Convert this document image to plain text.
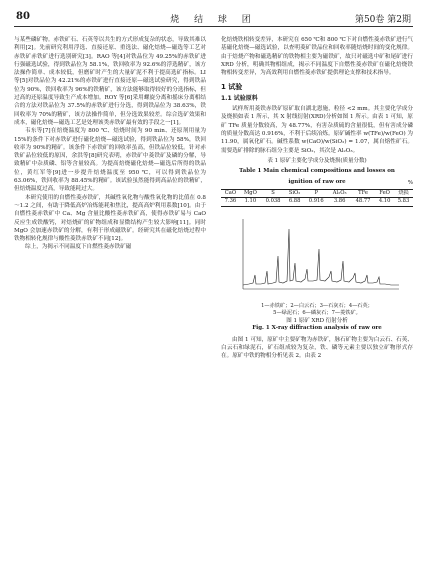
80	烧 结 球 团	第50卷 第2期

与某些磷矿物。赤铁矿石、石英等以共生的方式形成复杂的状态，导致其难以利用[2]。先前研究利用浮选、直接还原、重选法、磁化焙烧—磁选等工艺对赤铁矿赤铁矿进行选别研究[3]。RAO 等[4]对铁品位为 49.25%的赤铁矿进行强磁选试验，得到铁品位为 58.1%，铁回收率为 92.6%的浮选精矿，该方法操作简单、成本较低，但磨矿时产生的大量矿泥不利于提高选矿指标。LI 等[5]对铁品位为 42.21%的赤铁矿进行直接还原—磁选试验研究，得到铁品位为 90%，铁回收率为 96%的铁精矿，该方法能够取得较好的分选指标，但过高的还原温度导致生产成本增加。ROY 等[6]采用螺旋分离和摇床分离相结合的方法对铁品位为 37.5%的赤铁矿进行分选，得到铁品位为 38.63%，铁回收率为 70%的精矿，该方法操作简单，但分选效果较差。综合选矿效果和成本，磁化焙烧—磁选工艺是处理该类赤铁矿最有效的手段之一[1]。

韦东等[7]在焙烧温度为 800 ℃、焙烧时间为 90 min、还原剂用量为 15%的条件下对赤铁矿进行磁化焙烧—磁选试验，得到铁品位为 58%，铁回收率为 90%的精矿。该条件下赤铁矿的回收率虽高，但铁品位较低。针对赤铁矿品位较低的原因，余洪等[8]研究表明，赤铁矿中菱铁矿及磷的分解，导致精矿中杂质磷、铝等含量较高。为提高焙烧磁化焙烧—磁选后所得的铁品位，黄红军等[9]进一步提升焙烧温度至 950 ℃，可以得到铁品位为 63.06%，铁回收率为 88.45%的精矿。该试验虽然能得到高品位的铁精矿，但焙烧温度过高，导致能耗过大。

本研究使用的自燃性菱赤铁矿，其碱性氧化物与酸性氧化物的比值在 0.8～1.2 之间，有助于降低高炉冶炼能耗和焦比，提高高炉利用系数[10]。由于自燃性菱赤铁矿中 Ca、Mg 含量比酸性菱赤铁矿高，使得赤铁矿易与 CaO 反应生成铁酸钙，对焙烧矿的矿物组成和显微结构产生较大影响[11]。同时 MgO 会加速赤铁矿的分解，有利于形成磁铁矿。经研究其在磁化焙烧过程中铁物相转化规律与酸性菱铁赤铁矿不同[12]。

综上，为揭示不同温度下自燃性菱赤铁矿磁

化焙烧铁相转变差异，本研究在 650 ℃和 800 ℃下对自燃性菱赤铁矿进行气基磁化焙烧—磁选试验，以查明菱矿铁品位和回收率随焙烧时间的变化规律。由于焙烧产物和磁选精矿的铁物相主要为磁铁矿，故只对磁选中矿和尾矿进行 XRD 分析，明确其物相组成，揭示不同温度下自燃性菱赤铁矿在磁化焙烧铁物相转变差异，为高效利用自燃性菱赤铁矿提供理论支撑和技术指导。

1 试验
1.1 试验原料

试样所用菱铁赤铁矿原矿取自湖北恩施，粒径 <2 mm。其主要化学成分及烧损如表 1 所示，其 X 射线衍射(XRD)分析如图 1 所示。由表 1 可知，原矿 TFe 质量分数较高，为 48.77%，有害杂质硫的含量很低，但有害成分磷的质量分数高达 0.916%，不利于后续冶炼。原矿碱性率 w(TFe)/w(FeO) 为 11.90，属氧化矿石。碱性系数 w(CaO)/w(SiO₂) = 1.07，属自熔性矿石。需要选矿排除的脉石组分主要是 SiO₂，其次是 Al₂O₃。

表 1 原矿主要化学成分及烧损(质量分数)
Table 1 Main chemical compositions and losses on
ignition of raw ore	%
CaO	MgO	S	SiO₂	P	Al₂O₃	TFe	FeO	烧损
7.36	1.10	0.038	6.88	0.916	3.86	48.77	4.10	5.83
1—赤铁矿；2—白云石；3—石灰石；4—石英；
5—绿泥石；6—磷灰石；7—菱铁矿。
图 1 原矿 XRD 衍射分析
Fig. 1 X-ray diffraction analysis of raw ore

由图 1 可知，原矿中主要矿物为赤铁矿，脉石矿物主要为白云石、石英、白云石和绿泥石，矿石组成较为复杂，铁、磷等元素主要以独立矿物形式存在。原矿中铁的物相分析见表 2。由表 2
